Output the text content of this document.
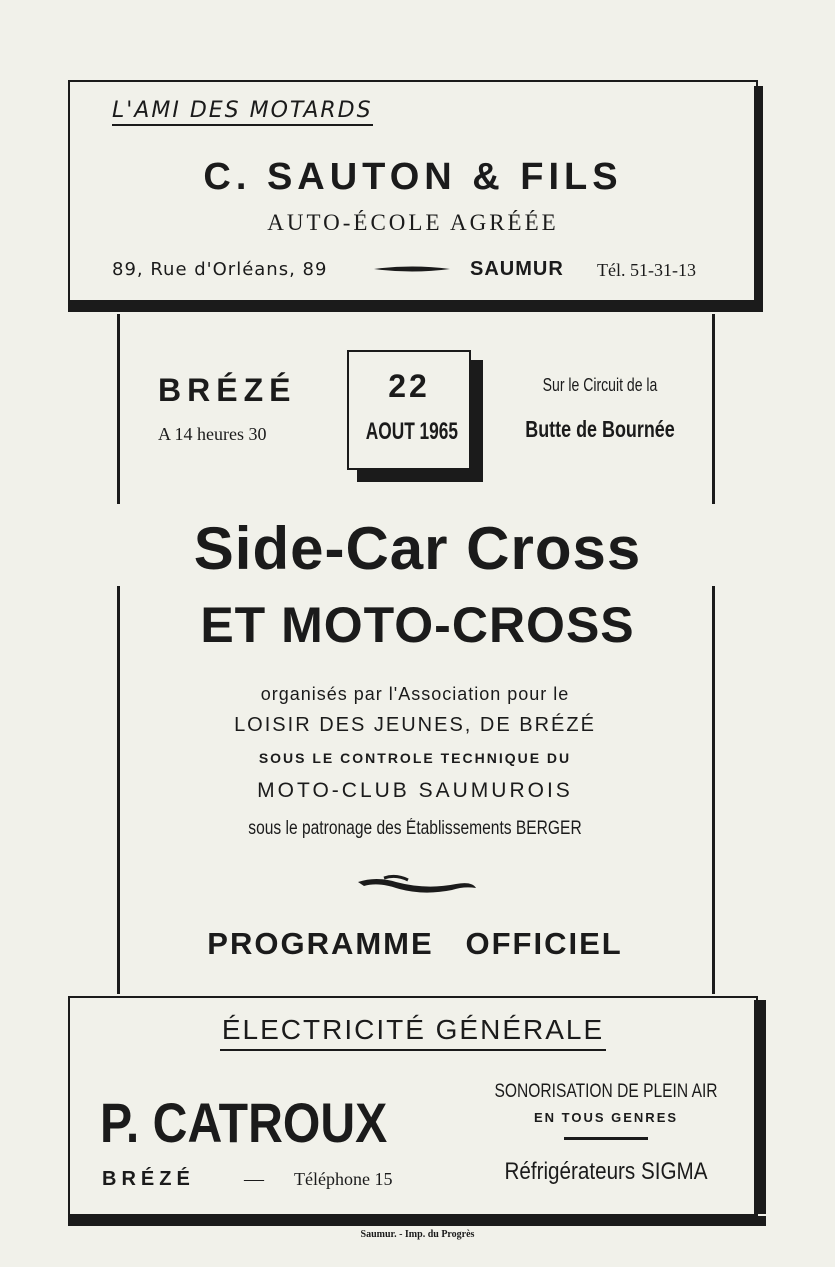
L'AMI DES MOTARDS
C. SAUTON & FILS
AUTO-ÉCOLE AGRÉÉE
89, Rue d'Orléans, 89	SAUMUR Tél. 51-31-13
BRÉZÉ
A 14 heures 30
22
AOUT 1965
Sur le Circuit de la
Butte de Bournée
Side-Car Cross
ET MOTO-CROSS
organisés par l'Association pour le
LOISIR DES JEUNES, DE BRÉZÉ
SOUS LE CONTROLE TECHNIQUE DU
MOTO-CLUB SAUMUROIS
sous le patronage des Établissements BERGER
PROGRAMME   OFFICIEL
ÉLECTRICITÉ GÉNÉRALE
P. CATROUX
BRÉZÉ — Téléphone 15
SONORISATION DE PLEIN AIR
EN TOUS GENRES
Réfrigérateurs SIGMA
Saumur. - Imp. du Progrès
